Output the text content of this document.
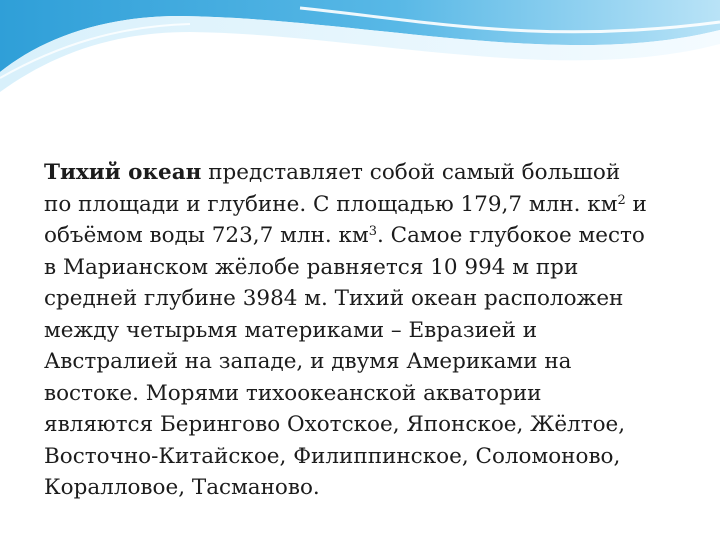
Тихий океан представляет собой самый большой
по площади и глубине. С площадью 179,7 млн. $км^2$ и
объёмом воды 723,7 млн. $км^3$. Самое глубокое место
в Марианском жёлобе равняется 10 994 м при
средней глубине 3984 м. Тихий океан расположен
между четырьмя материками – Евразией и
Австралией на западе, и двумя Америками на
востоке. Морями тихоокеанской акватории
являются Берингово Охотское, Японское, Жёлтое,
Восточно-Китайское, Филиппинское, Соломоново,
Коралловое, Тасманово.
